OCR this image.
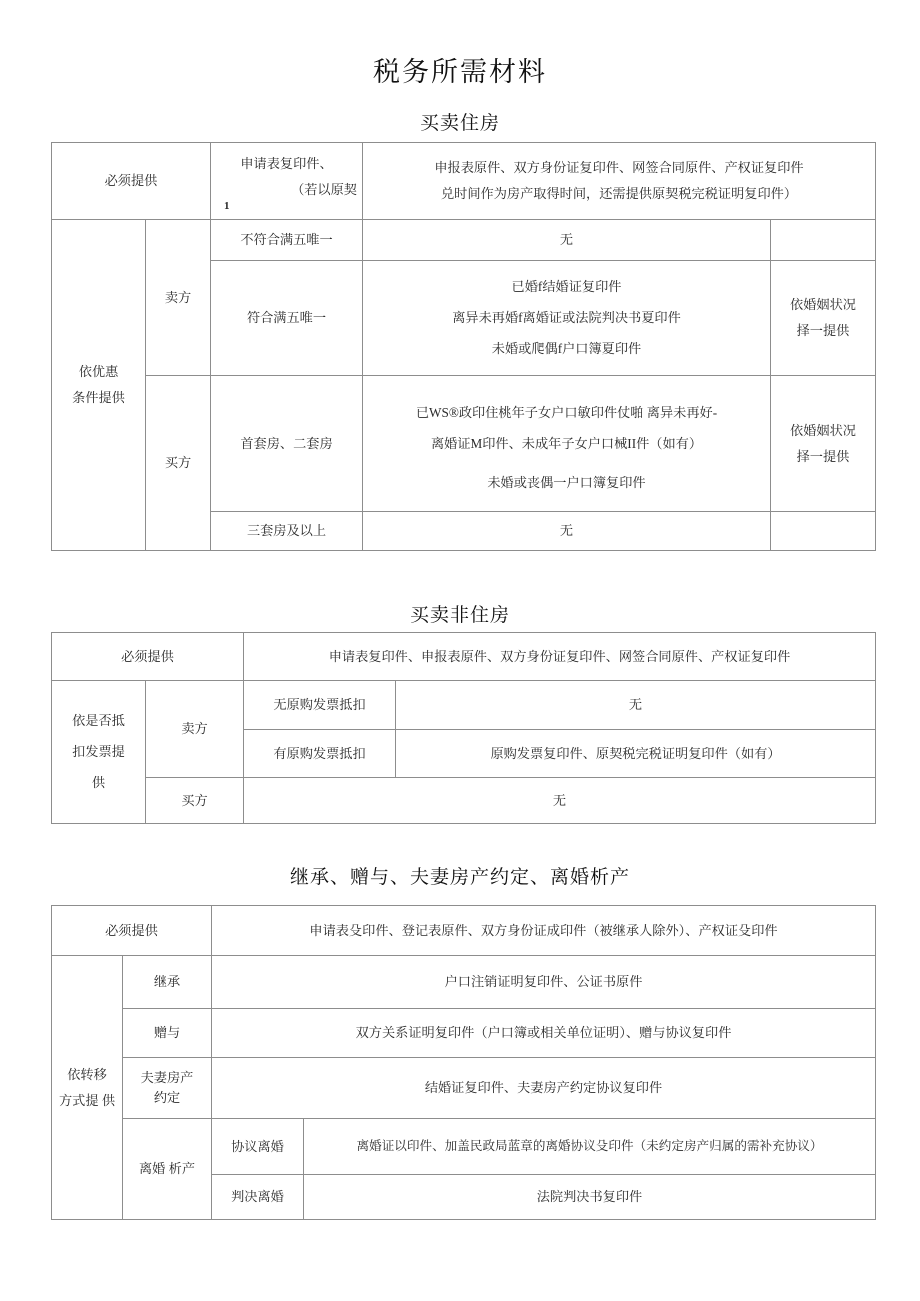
税务所需材料
买卖住房
必须提供		申请表复印件、
（若以原契
1	申报表原件、双方身份证复印件、网签合同原件、产权证复印件
兑时间作为房产取得时间，还需提供原契税完税证明复印件）	

依优惠
条件提供	卖方	不符合满五唯一	无	
		符合满五唯一	已婚f结婚证复印件
离异未再婚f离婚证或法院判决书夏印件
未婚或爬偶f户口簿夏印件	依婚姻状况
择一提供

	买方	首套房、二套房	已WS®政印住桃年子女户口敏印件仗啪 离异未再好-
离婚证M印件、未成年子女户口械II件（如有）
未婚或丧偶一户口簿复印件	依婚姻状况
择一提供

		三套房及以上	无	
买卖非住房
必须提供		申请表复印件、申报表原件、双方身份证复印件、网签合同原件、产权证复印件	

依是否抵
扣发票提
供	卖方	无原购发票抵扣	无
		有原购发票抵扣	原购发票复印件、原契税完税证明复印件（如有）
	买方	无	
继承、赠与、夫妻房产约定、离婚析产
必须提供		申请表殳印件、登记表原件、双方身份证成印件（被继承人除外）、产权证殳印件	

依转移
方式提 供	继承	户口注销证明复印件、公证书原件	
	赠与	双方关系证明复印件（户口簿或相关单位证明）、赠与协议复印件	

	夫妻房产
约定	结婚证复印件、夫妻房产约定协议复印件	
	离婚 析产	协议离婚	离婚证以印件、加盖民政局蓝章的离婚协议殳印件（未约定房产归属的需补充协议）
		判决离婚	法院判决书复印件
